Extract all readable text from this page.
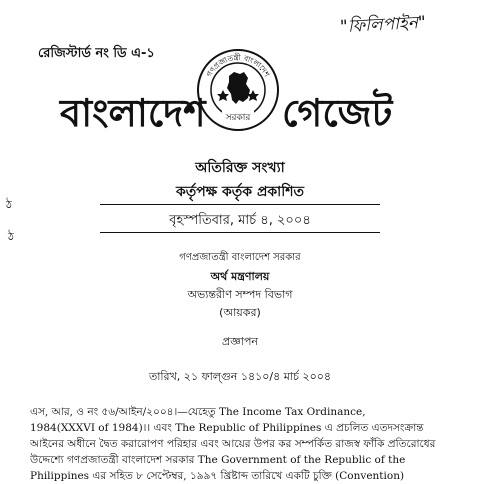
"ফিলিপাইন"
রেজিস্টার্ড নং ডি এ-১
বাংলাদেশ
গণপ্রজাতন্ত্রী বাংলাদেশ
সরকার গেজেট
অতিরিক্ত সংখ্যা
কর্তৃপক্ষ কর্তৃক প্রকাশিত
বৃহস্পতিবার, মার্চ ৪, ২০০৪
ঠ
ঠ
গণপ্রজাতন্ত্রী বাংলাদেশ সরকার
অর্থ মন্ত্রণালয়
অভ্যন্তরীণ সম্পদ বিভাগ
(আয়কর)
প্রজ্ঞাপন
তারিখ, ২১ ফাল্গুন ১৪১০/৪ মার্চ ২০০৪
এস, আর, ও নং ৫৬/আইন/২০০৪।—যেহেতু The Income Tax Ordinance,
1984(XXXVI of 1984)।। এবং The Republic of Philippines এ প্রচলিত এতদসংক্রান্ত
আইনের অধীনে দ্বৈত করারোপণ পরিহার এবং আয়ের উপর কর সম্পর্কিত রাজস্ব ফাঁকি প্রতিরোধের
উদ্দেশ্যে গণপ্রজাতন্ত্রী বাংলাদেশ সরকার The Government of the Republic of the
Philippines এর সহিত ৮ সেপ্টেম্বর, ১৯৯৭ খ্রিষ্টাব্দ তারিখে একটি চুক্তি (Convention)
